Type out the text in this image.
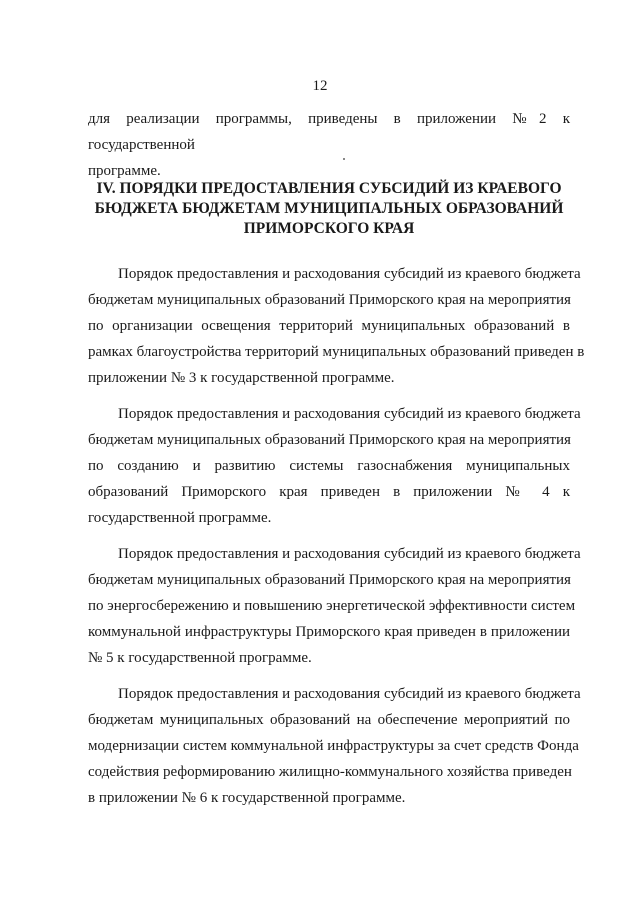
12
для реализации программы, приведены в приложении №2 к государственной
программе.
IV. ПОРЯДКИ ПРЕДОСТАВЛЕНИЯ СУБСИДИЙ ИЗ КРАЕВОГО
БЮДЖЕТА БЮДЖЕТАМ МУНИЦИПАЛЬНЫХ ОБРАЗОВАНИЙ
ПРИМОРСКОГО КРАЯ
Порядок предоставления и расходования субсидий из краевого бюджета
бюджетам муниципальных образований Приморского края на мероприятия
по организации освещения территорий муниципальных образований в
рамках благоустройства территорий муниципальных образований приведен в
приложении № 3 к государственной программе.
Порядок предоставления и расходования субсидий из краевого бюджета
бюджетам муниципальных образований Приморского края на мероприятия
по созданию и развитию системы газоснабжения муниципальных
образований Приморского края приведен в приложении № 4 к
государственной программе.
Порядок предоставления и расходования субсидий из краевого бюджета
бюджетам муниципальных образований Приморского края на мероприятия
по энергосбережению и повышению энергетической эффективности систем
коммунальной инфраструктуры Приморского края приведен в приложении
№ 5 к государственной программе.
Порядок предоставления и расходования субсидий из краевого бюджета
бюджетам муниципальных образований на обеспечение мероприятий по
модернизации систем коммунальной инфраструктуры за счет средств Фонда
содействия реформированию жилищно-коммунального хозяйства приведен
в приложении № 6 к государственной программе.
